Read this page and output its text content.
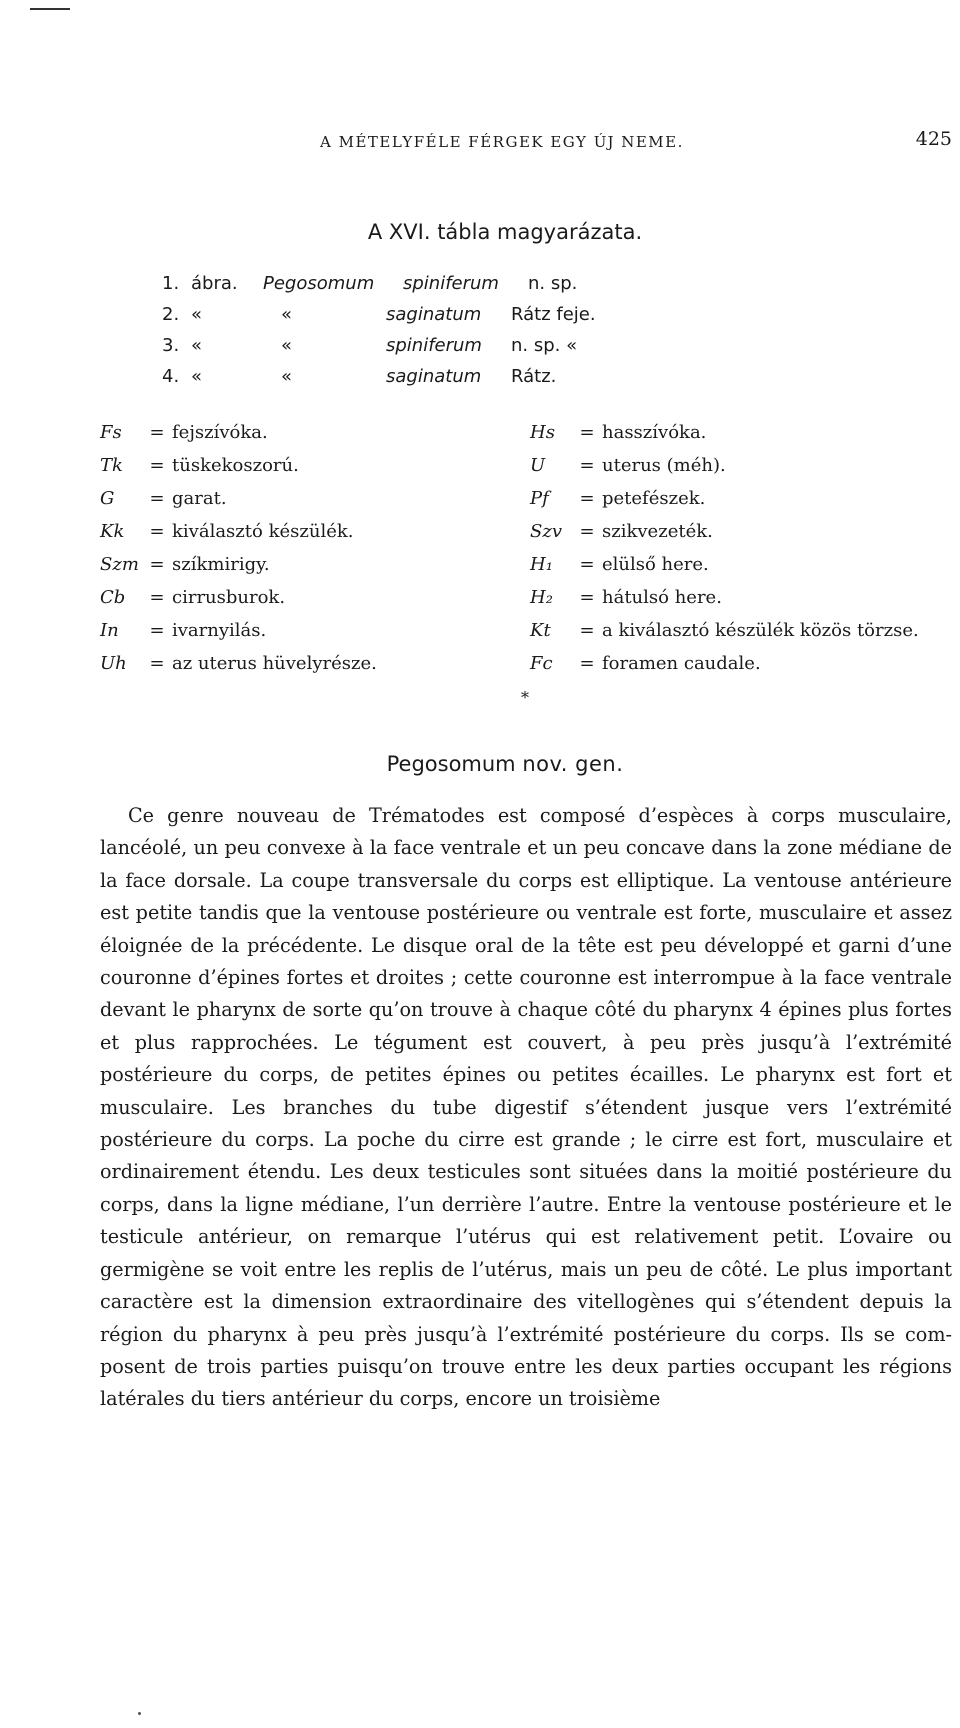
A MÉTELYFÉLE FÉRGEK EGY ÚJ NEME.	425
A XVI. tábla magyarázata.
1. ábra.	Pegosomum	spiniferum	n. sp.
2. «	«	saginatum	Rátz feje.
3. «	«	spiniferum	n. sp. «
4. «	«	saginatum	Rátz.
Fs	= fejszívóka.
Tk	= tüskekoszorú.
G	= garat.
Kk	= kiválasztó készülék.
Szm = szíkmirigy.
Cb	= cirrusburok.
In	= ivarnyilás.
Uh	= az uterus hüvelyrésze.
Hs	= hasszívóka.
U	= uterus (méh).
Pf	= petefészek.
Szv = szikvezeték.
H₁	= elülső here.
H₂	= hátulsó here.
Kt	= a kiválasztó készülék közös törzse.
Fc	= foramen caudale.
*
Pegosomum nov. gen.

Ce genre nouveau de Trématodes est composé d’espèces à corps musculaire, lancéolé, un peu convexe à la face ventrale et un peu concave dans la zone médiane de la face dorsale. La coupe transversale du corps est elliptique. La ventouse antérieure est petite tandis que la ventouse postérieure ou ventrale est forte, musculaire et assez éloignée de la précédente. Le disque oral de la tête est peu développé et garni d’une couronne d’épines fortes et droites ; cette couronne est interrompue à la face ventrale devant le pharynx de sorte qu’on trouve à chaque côté du pharynx 4 épines plus fortes et plus rapprochées. Le tégument est couvert, à peu près jusqu’à l’extrémité postérieure du corps, de petites épines ou petites écailles. Le pharynx est fort et musculaire. Les branches du tube digestif s’étendent jusque vers l’extrémité postérieure du corps. La poche du cirre est grande ; le cirre est fort, musculaire et ordinairement étendu. Les deux testicules sont situées dans la moitié postérieure du corps, dans la ligne médiane, l’un derrière l’autre. Entre la ventouse postérieure et le testicule antérieur, on remarque l’utérus qui est relativement petit. L’ovaire ou germigène se voit entre les replis de l’utérus, mais un peu de côté. Le plus important caractère est la dimension extraordinaire des vitellogènes qui s’étendent depuis la région du pharynx à peu près jusqu’à l’extrémité postérieure du corps. Ils se composent de trois parties puisqu’on trouve entre les deux parties occupant les régions latérales du tiers antérieur du corps, encore un troisième
